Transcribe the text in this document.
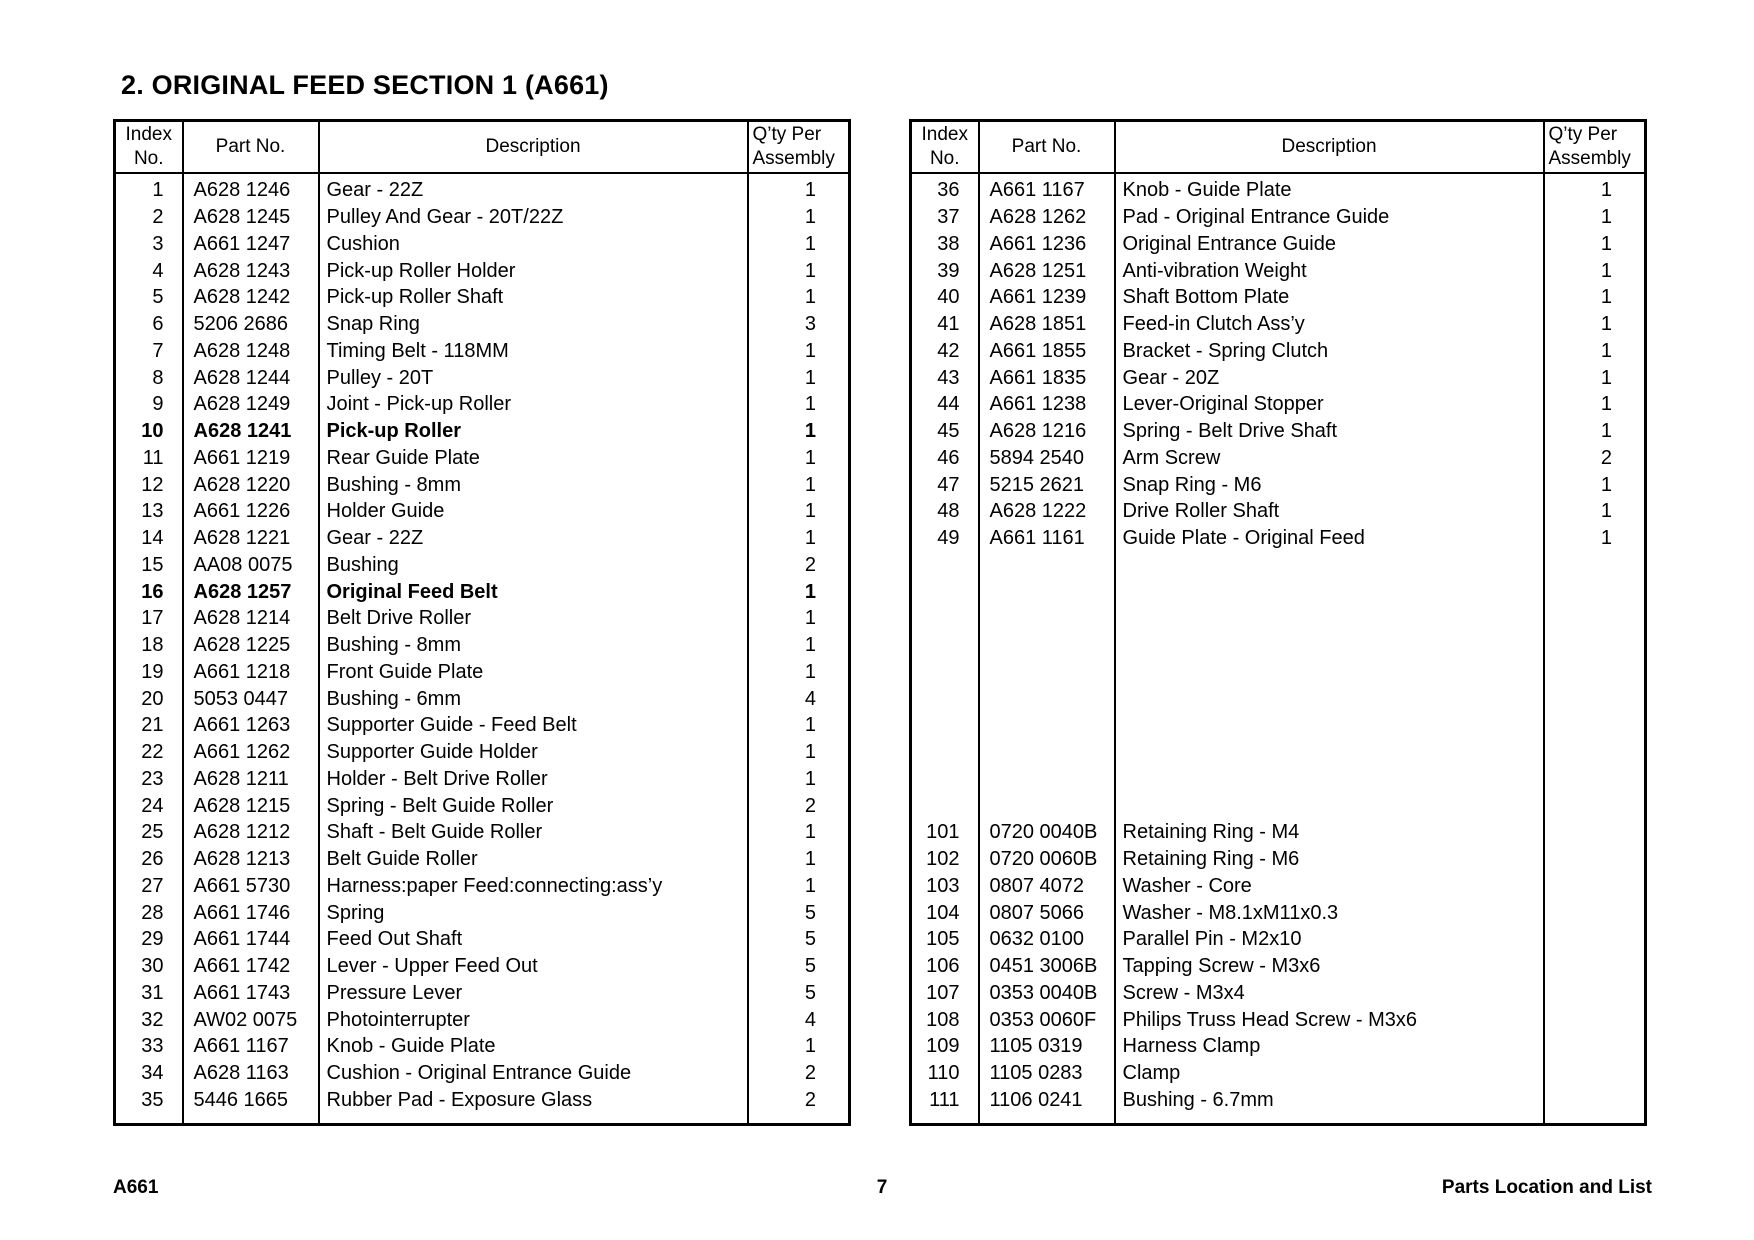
2. ORIGINAL FEED SECTION 1 (A661)
Index
No.	Part No.	Description	Q’ty Per
Assembly
1	A628 1246	Gear - 22Z	1
2	A628 1245	Pulley And Gear - 20T/22Z	1
3	A661 1247	Cushion	1
4	A628 1243	Pick-up Roller Holder	1
5	A628 1242	Pick-up Roller Shaft	1
6	5206 2686	Snap Ring	3
7	A628 1248	Timing Belt - 118MM	1
8	A628 1244	Pulley - 20T	1
9	A628 1249	Joint - Pick-up Roller	1
10	A628 1241	Pick-up Roller	1
11	A661 1219	Rear Guide Plate	1
12	A628 1220	Bushing - 8mm	1
13	A661 1226	Holder Guide	1
14	A628 1221	Gear - 22Z	1
15	AA08 0075	Bushing	2
16	A628 1257	Original Feed Belt	1
17	A628 1214	Belt Drive Roller	1
18	A628 1225	Bushing - 8mm	1
19	A661 1218	Front Guide Plate	1
20	5053 0447	Bushing - 6mm	4
21	A661 1263	Supporter Guide - Feed Belt	1
22	A661 1262	Supporter Guide Holder	1
23	A628 1211	Holder - Belt Drive Roller	1
24	A628 1215	Spring - Belt Guide Roller	2
25	A628 1212	Shaft - Belt Guide Roller	1
26	A628 1213	Belt Guide Roller	1
27	A661 5730	Harness:paper Feed:connecting:ass’y	1
28	A661 1746	Spring	5
29	A661 1744	Feed Out Shaft	5
30	A661 1742	Lever - Upper Feed Out	5
31	A661 1743	Pressure Lever	5
32	AW02 0075	Photointerrupter	4
33	A661 1167	Knob - Guide Plate	1
34	A628 1163	Cushion - Original Entrance Guide	2
35	5446 1665	Rubber Pad - Exposure Glass	2
Index
No.	Part No.	Description	Q’ty Per
Assembly
36	A661 1167	Knob - Guide Plate	1
37	A628 1262	Pad - Original Entrance Guide	1
38	A661 1236	Original Entrance Guide	1
39	A628 1251	Anti-vibration Weight	1
40	A661 1239	Shaft Bottom Plate	1
41	A628 1851	Feed-in Clutch Ass’y	1
42	A661 1855	Bracket - Spring Clutch	1
43	A661 1835	Gear - 20Z	1
44	A661 1238	Lever-Original Stopper	1
45	A628 1216	Spring - Belt Drive Shaft	1
46	5894 2540	Arm Screw	2
47	5215 2621	Snap Ring - M6	1
48	A628 1222	Drive Roller Shaft	1
49	A661 1161	Guide Plate - Original Feed	1

101	0720 0040B	Retaining Ring - M4	
102	0720 0060B	Retaining Ring - M6	
103	0807 4072	Washer - Core	
104	0807 5066	Washer - M8.1xM11x0.3	
105	0632 0100	Parallel Pin - M2x10	
106	0451 3006B	Tapping Screw - M3x6	
107	0353 0040B	Screw - M3x4	
108	0353 0060F	Philips Truss Head Screw - M3x6	
109	1105 0319	Harness Clamp	
110	1105 0283	Clamp	
111	1106 0241	Bushing - 6.7mm	
A661	7	Parts Location and List
